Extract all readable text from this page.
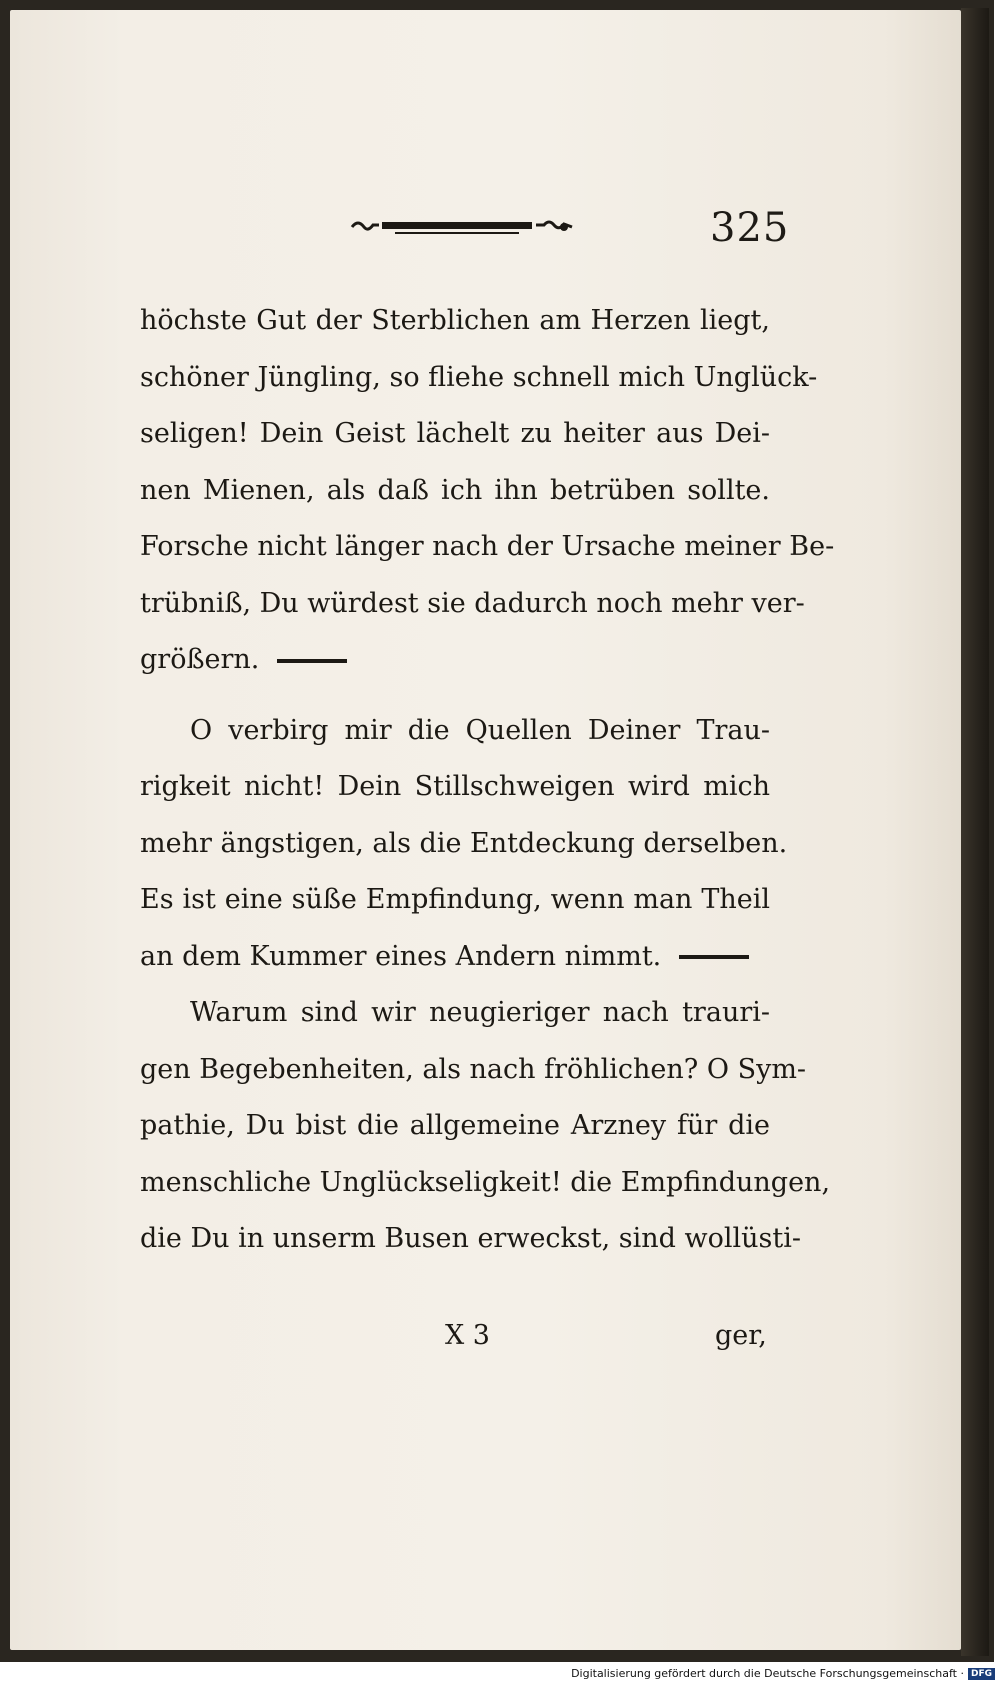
325
höchste Gut der Sterblichen am Herzen liegt,
schöner Jüngling, so fliehe schnell mich Unglück-
seligen! Dein Geist lächelt zu heiter aus Dei-
nen Mienen, als daß ich ihn betrüben sollte.
Forsche nicht länger nach der Ursache meiner Be-
trübniß, Du würdest sie dadurch noch mehr ver-
größern.
O verbirg mir die Quellen Deiner Trau-
rigkeit nicht! Dein Stillschweigen wird mich
mehr ängstigen, als die Entdeckung derselben.
Es ist eine süße Empfindung, wenn man Theil
an dem Kummer eines Andern nimmt.
Warum sind wir neugieriger nach trauri-
gen Begebenheiten, als nach fröhlichen? O Sym-
pathie, Du bist die allgemeine Arzney für die
menschliche Unglückseligkeit! die Empfindungen,
die Du in unserm Busen erweckst, sind wollüsti-
X 3	ger,
Digitalisierung gefördert durch die Deutsche Forschungsgemeinschaft · DFG
